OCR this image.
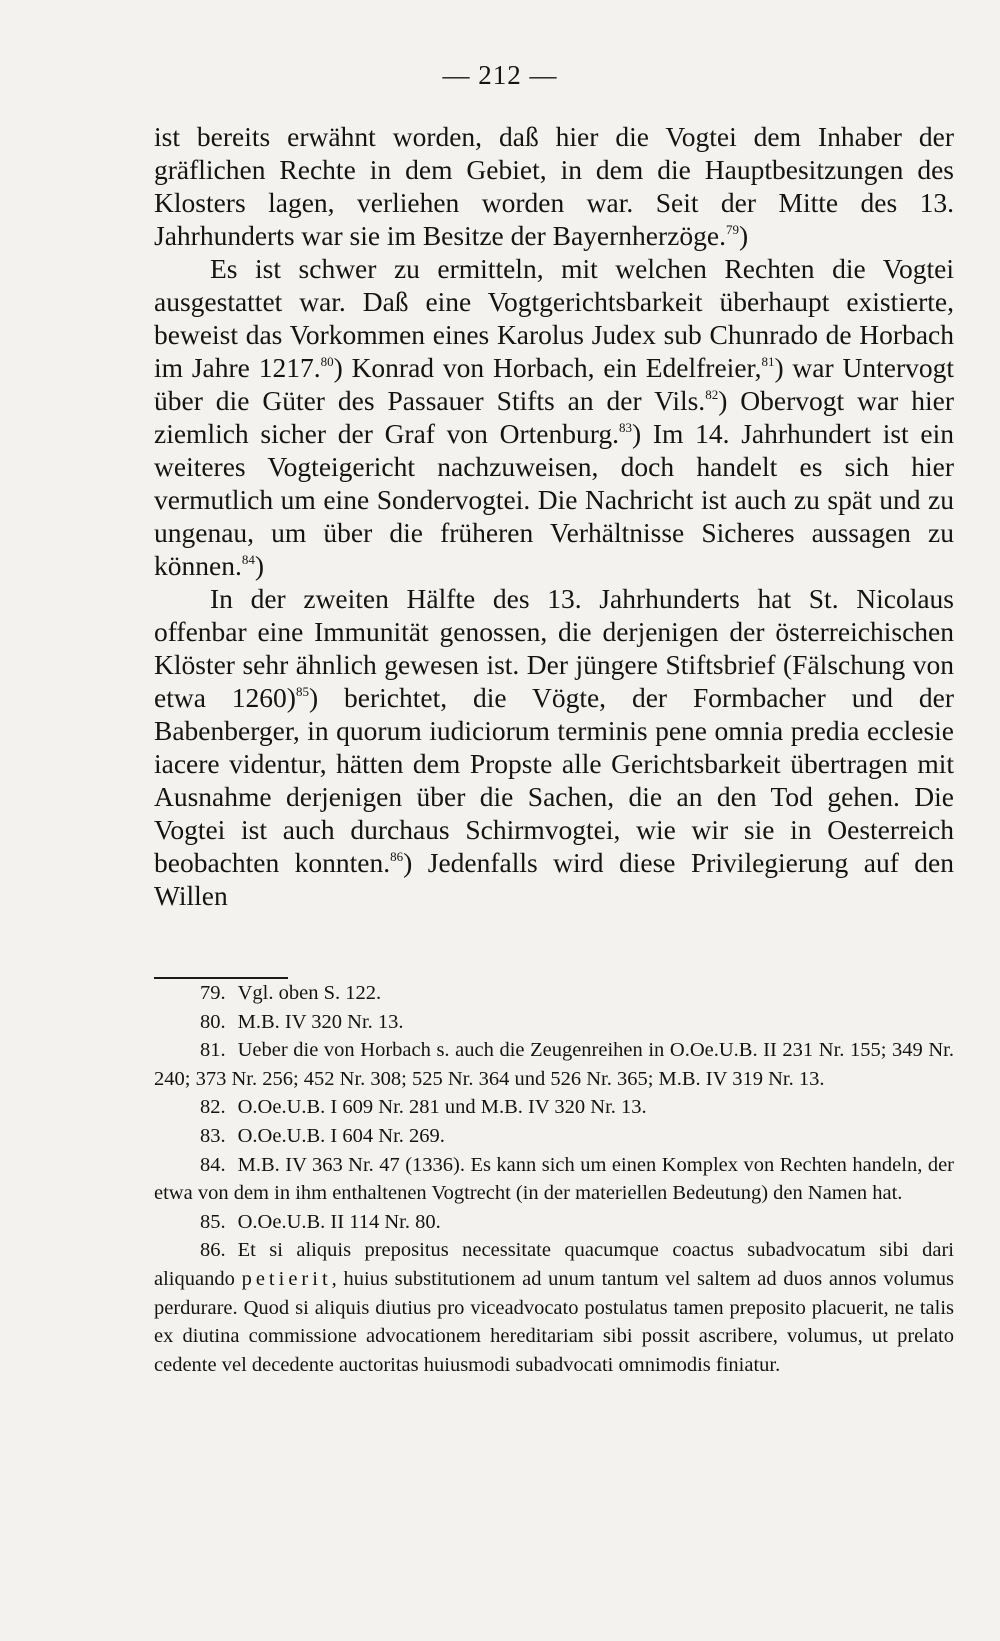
— 212 —

ist bereits erwähnt worden, daß hier die Vogtei dem Inhaber der gräflichen Rechte in dem Gebiet, in dem die Hauptbesitzungen des Klosters lagen, verliehen worden war. Seit der Mitte des 13. Jahrhunderts war sie im Besitze der Bayernherzöge.$^{79}$)

Es ist schwer zu ermitteln, mit welchen Rechten die Vogtei ausgestattet war. Daß eine Vogtgerichtsbarkeit überhaupt existierte, beweist das Vorkommen eines Karolus Judex sub Chunrado de Horbach im Jahre 1217.80) Konrad von Horbach, ein Edelfreier,$^{81}$) war Untervogt über die Güter des Passauer Stifts an der Vils.$^{82}$) Obervogt war hier ziemlich sicher der Graf von Ortenburg.$^{83}$) Im 14. Jahrhundert ist ein weiteres Vogteigericht nachzuweisen, doch handelt es sich hier vermutlich um eine Sondervogtei. Die Nachricht ist auch zu spät und zu ungenau, um über die früheren Verhältnisse Sicheres aussagen zu können.$^{84}$)

In der zweiten Hälfte des 13. Jahrhunderts hat St. Nicolaus offenbar eine Immunität genossen, die derjenigen der österreichischen Klöster sehr ähnlich gewesen ist. Der jüngere Stiftsbrief (Fälschung von etwa 1260)$^{85}$) berichtet, die Vögte, der Formbacher und der Babenberger, in quorum iudiciorum terminis pene omnia predia ecclesie iacere videntur, hätten dem Propste alle Gerichtsbarkeit übertragen mit Ausnahme derjenigen über die Sachen, die an den Tod gehen. Die Vogtei ist auch durchaus Schirmvogtei, wie wir sie in Oesterreich beobachten konnten.$^{86}$) Jedenfalls wird diese Privilegierung auf den Willen

79. Vgl. oben S. 122.

80. M.B. IV 320 Nr. 13.

81. Ueber die von Horbach s. auch die Zeugenreihen in O.Oe.U.B. II 231 Nr. 155; 349 Nr. 240; 373 Nr. 256; 452 Nr. 308; 525 Nr. 364 und 526 Nr. 365; M.B. IV 319 Nr. 13.

82. O.Oe.U.B. I 609 Nr. 281 und M.B. IV 320 Nr. 13.

83. O.Oe.U.B. I 604 Nr. 269.

84. M.B. IV 363 Nr. 47 (1336). Es kann sich um einen Komplex von Rechten handeln, der etwa von dem in ihm enthaltenen Vogtrecht (in der materiellen Bedeutung) den Namen hat.

85. O.Oe.U.B. II 114 Nr. 80.

86. Et si aliquis prepositus necessitate quacumque coactus subadvocatum sibi dari aliquando petierit, huius substitutionem ad unum tantum vel saltem ad duos annos volumus perdurare. Quod si aliquis diutius pro viceadvocato postulatus tamen preposito placuerit, ne talis ex diutina commissione advocationem hereditariam sibi possit ascribere, volumus, ut prelato cedente vel decedente auctoritas huiusmodi subadvocati omnimodis finiatur.
